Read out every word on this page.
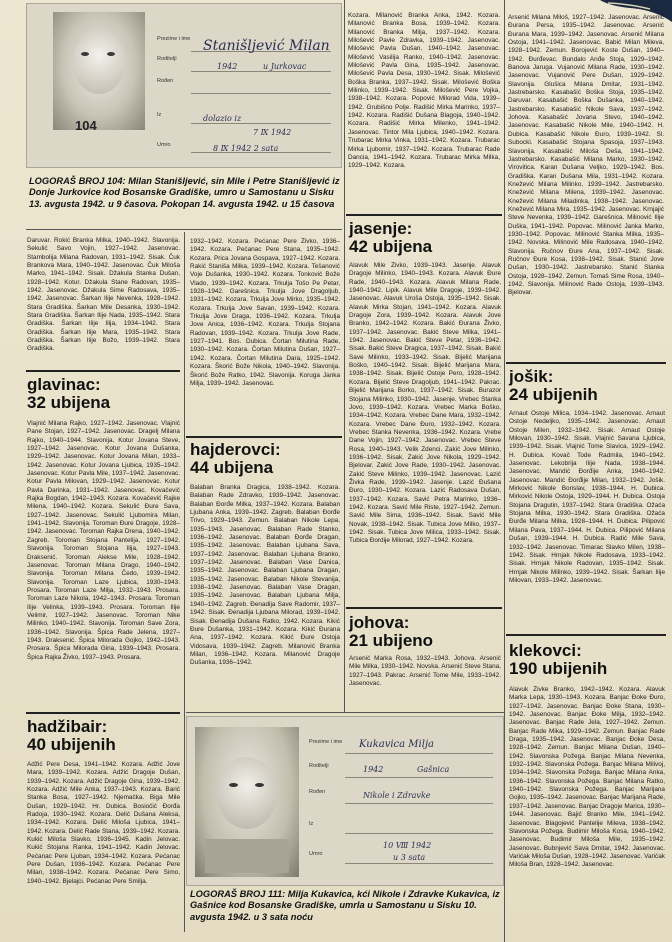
104
Prezime i ime
Roditelji
Rođen
Iz
Umro
Stanišljević Milan
1942	u Jurkovac
dolazio iz
7 Ⅸ 1942
8 Ⅸ 1942 2 sata
LOGORAŠ BROJ 104: Milan Stanišljević, sin Mile i Petre Stanišljević iz Donje Jurkovice kod Bosanske Gradiške, umro u Samostanu u Sisku 13. avgusta 1942. u 9 časova. Pokopan 14. avgusta 1942. u 15 časova
Daruvar. Rokić Branka Milka, 1940–1942. Slavonija. Sekulić Savo Vojin, 1927–1942. Jasenovac. Stambolija Milana Radovan, 1931–1942. Sisak. Čuk Brankova Mara, 1940–1942. Jasenovac. Čuk Miloša Marko, 1941–1942. Sisak. Džakula Stanka Dušan, 1928–1942. Kotur. Džakula Stane Radovan, 1935–1942. Jasenovac. Džakula Sime Radosava, 1935–1942. Jasenovac. Šarkan Ilije Nevenka, 1928–1942. Stara Gradiška. Šarkan Mile Desanka, 1930–1942. Stara Gradiška. Šarkan Ilije Nada, 1935–1942. Stara Gradiška. Šarkan Ilije Ilija, 1934–1942. Stara Gradiška. Šarkan Ilije Mara, 1935–1942. Stara Gradiška. Šarkan Ilije Božo, 1939–1942. Stara Gradiška.
1932–1942. Kozara. Pećanac Pere Živko, 1936–1942. Kozara. Pećanac Pere Stana, 1935–1942. Kozara. Prica Jovana Gospava, 1927–1942. Kozara. Rakić Staniša Milka, 1939–1942. Kozara. Tešanović Voje Dušanka, 1930–1942. Kozara. Tonković Bože Vlado, 1939–1942. Kozara. Trkulja Tošo Pe Petar, 1928–1942. Garešnica. Trkulja Jove Dragoljub, 1931–1942. Kozara. Trkulja Jove Mirko, 1935–1942. Kozara. Trkulja Jove Savan, 1939–1942. Kozara. Trkulja Jove Draga, 1936–1942. Kozara. Trkulja Jove Anica, 1936–1942. Kozara. Trkulja Stojana Radovan, 1939–1942. Kozara. Trkulja Jove Rade, 1927–1941. Bos. Dubica. Čortan Milutina Rade, 1930–1942. Kozara. Čortan Milutina Dušan, 1927–1942. Kozara. Čortan Milutina Dara, 1925–1942. Kozara. Škorić Bože Nikola, 1940–1942. Slavonija. Škorić Bože Ratko, 1942. Slavonija. Koruga Janka Milja, 1939–1942. Jasenovac.
glavinac:
32 ubijena
Vlajnić Milana Rajko, 1927–1942. Jasenovac. Vlajnić Pane Stojan, 1927–1942. Jasenovac. Dragelj Milana Rajko, 1940–1944. Slavonija. Kotur Jovana Steve, 1927–1942. Jasenovac. Kotur Jovana Dušanka, 1929–1942. Jasenovac. Kotur Jovana Milan, 1933–1942. Jasenovac. Kotur Jovana Ljubica, 1935–1942. Jasenovac. Kotur Pavla Mile, 1937–1942. Jasenovac. Kotur Pavla Milovan, 1929–1942. Jasenovac. Kotur Pavla Darinka, 1931–1942. Jasenovac. Kovačević Rajka Bogdan, 1942–1943. Kozara. Kovačević Rajke Milena, 1940–1942. Kozara. Sekulić Đure Sava, 1927–1942. Jasenovac. Sekulić Ljubomira Milan, 1941–1942. Slavonija. Toroman Đure Dragoje, 1928–1942. Jasenovac. Toroman Rajka Drena, 1940–1942. Zagreb. Toroman Stojana Pantelija, 1927–1942. Slavonija. Toroman Stojana Ilija, 1927–1943. Draksenić. Toroman Alekse Mile, 1928–1942. Jasenovac. Toroman Milana Drago, 1940–1942. Slavonija. Toroman Milana Čedo, 1939–1942. Slavonija. Toroman Laze Ljubica, 1930–1943. Prosara. Toroman Laze Milja, 1932–1943. Prosara. Toroman Laze Nikola, 1942–1943. Prosara. Toroman Ilije Velinka, 1939–1943. Prosara. Toroman Ilije Velimir, 1927–1942. Jasenovac. Toroman Nike Milinko, 1940–1942. Slavonija. Toroman Save Zora, 1936–1942. Slavonija. Špica Rade Jelena, 1927–1943. Draksenić. Špica Milorada Gojko, 1942–1943. Prosara. Špica Milorada Gina, 1939–1943. Prosara. Špica Rajka Živko, 1937–1943. Prosara.
hajderovci:
44 ubijena
Balaban Branka Dragica, 1938–1942. Kozara. Balaban Rade Zdravko, 1939–1942. Jasenovac. Balaban Đorđe Milka, 1937–1942. Kozara. Balaban Ljubana Anka, 1939–1942. Zagreb. Balaban Đorđe Trivo, 1929–1943. Zemun. Balaban Nikole Lepa, 1935–1943. Jasenovac. Balaban Rade Stanko, 1936–1942. Jasenovac. Balaban Đorđe Dragan, 1935–1942. Jasenovac. Balaban Ljubana Sava, 1937–1942. Jasenovac. Balaban Ljubana Branko, 1937–1942. Jasenovac. Balaban Vase Danica, 1935–1942. Jasenovac. Balaban Ljubana Dragan, 1935–1942. Jasenovac. Balaban Nikole Stevanija, 1938–1942. Jasenovac. Balaban Vase Dragan, 1935–1942. Jasenovac. Balaban Ljubana Milja, 1940–1942. Zagreb. Đenadija Save Radomir, 1937–1942. Sisak. Đenadija Ljubana Milorad, 1939–1942. Sisak. Đenadija Dušana Ratko, 1942. Kozara. Kikić Đure Dušanka, 1931–1942. Kozara. Kikić Đurana Ana, 1937–1942. Kozara. Kikić Đure Ostoja Vidosava, 1939–1942. Zagreb. Milanović Branka Milan, 1936–1942. Kozara. Milanović Dragoje Dušanka, 1936–1942.
Kozara. Milanović Branka Anka, 1942. Kozara. Milanović Branka Bosa, 1939–1942. Kozara. Milanović Branka Milja, 1937–1942. Kozara. Milošević Pavle Zdravka, 1939–1942. Jasenovac. Milošević Pavla Dušan, 1940–1942. Jasenovac. Milošević Vasilija Ranko, 1940–1942. Jasenovac. Milošević Pavla Gina, 1935–1942. Jasenovac. Milošević Pavla Desa, 1930–1942. Sisak. Milošević Boška Branka, 1937–1942. Sisak. Milošević Boška Milinko, 1939–1942. Sisak. Milošević Pere Vojka, 1938–1942. Kozara. Popović Milorad Vida, 1939–1942. Grubišno Polje. Radišić Mirka Marinko, 1937–1942. Kozara. Radišić Dušana Blagoja, 1940–1942. Kozara. Radišić Mirka Milenko, 1941–1942. Jasenovac. Tintor Mila Ljubica, 1940–1942. Kozara. Trubarac Mirka Vinka, 1931–1942. Kozara. Trubarac Mirka Ljubomir, 1937–1942. Kozara. Trubarac Rade Dancia, 1941–1942. Kozara. Trubarac Mirka Milka, 1929–1942. Kozara.
jasenje:
42 ubijena
Alavuk Mile Živko, 1939–1943. Jasenje. Alavuk Dragoje Milinko, 1940–1943. Kozara. Alavuk Đure Rade, 1940–1943. Kozara. Alavuk Milana Rade, 1940–1942. Lipik. Alavuk Mile Dragoje, 1939–1942. Jasenovac. Alavuk Uroša Ostoja, 1935–1942. Sisak. Alavuk Mirka Stojan, 1941–1942. Kozara. Alavuk Dragoje Zora, 1939–1942. Kozara. Alavuk Jove Branko, 1942–1942. Kozara. Bakić Đurana Živko, 1937–1942. Jasenovac. Bakić Steve Milka, 1941–1942. Jasenovac. Bakić Steve Petar, 1936–1942. Sisak. Bakić Steve Dragica, 1937–1942. Sisak. Bakić Save Milinko, 1933–1942. Sisak. Bijelić Marijana Boško, 1940–1942. Sisak. Bijelić Marijana Mara, 1938–1942. Sisak. Bijelić Ostoje Pero, 1928–1942. Kozara. Bijelić Steve Dragoljub, 1941–1942. Pakrac. Bijelić Marijana Borko, 1937–1942. Sisak. Burazor Stojana Milinko, 1930–1942. Jasenje. Vrebec Stanka Jovo, 1939–1942. Kozara. Vrebec Marka Boško, 1934–1942. Kozara. Vrebec Dane Mara, 1932–1942. Kozara. Vrebec Dane Đuro, 1932–1942. Kozara. Vrebec Stanka Nevenka, 1936–1942. Kozara. Vrebe Dane Vojin, 1927–1942. Jasenovac. Vrebec Steve Rosa, 1940–1943. Velik Zdenci. Zakić Jove Milinko, 1936–1942. Sisak. Zakić Jove Nikola, 1929–1942. Bjelovar. Zakić Jove Rade, 1930–1942. Jasenovac. Zakić Steve Milinko, 1939–1942. Jasenovac. Lazić Živka Rade, 1939–1942. Jasenje. Lazić Đušana Đuro, 1930–1942. Kozara. Lazić Radosava Dušan, 1937–1942. Kozara. Savić Petra Marinko, 1936–1942. Kozara. Savić Mile Ristе, 1927–1942. Zemun. Savić Mile Sima, 1936–1942. Sisak. Savić Mile Novak, 1938–1942. Sisak. Tubica Jove Milko, 1937–1942. Sisak. Tubica Jove Milica, 1933–1942. Sisak. Tubica Đordije Milorad, 1927–1942. Kozara.
johova:
21 ubijeno
Arsenić Marka Rosa, 1932–1943. Johova. Arsenić Mile Milka, 1930–1942. Novska. Arsenić Steve Stana, 1927–1943. Pakrac. Arsenić Tome Mile, 1933–1942. Jasenovac.
Arsenić Milana Miloš, 1927–1942. Jasenovac. Arsenić Đurana Persa, 1935–1942. Jasenovac. Arsenić Đurana Mara, 1939–1942. Jasenovac. Arsenić Milana Ostoja, 1941–1942. Jasenovac. Babić Milan Mileva, 1928–1942. Zemun. Borojević Koste Dušan, 1940–1942. Đurđevac. Bundalo Anđe Stoja, 1929–1942. Banova Jaruga. Vujanović Milana Rade, 1930–1942. Jasenovac. Vujanović Pere Dušan, 1929–1942. Slavonija. Glušica Milana Dmitar, 1931–1942. Jastrebarsko. Kasabašić Boška Stoja, 1935–1942. Daruvar. Kasabašić Boška Dušanka, 1940–1942. Jastrebarsko. Kasabašić Nikole Sava, 1937–1942. Johova. Kasabašić Jovana Stevo, 1940–1942. Jasenovac. Kasabašić Nikole Mile, 1940–1942. H. Dubica. Kasabašić Nikole Đuro, 1939–1942. Sl. Subocki. Kasabašić Stojana Spasoja, 1937–1943. Slavonija. Kasabašić Miloša Deša, 1941–1942. Jastrebarsko. Kasabašić Milana Marko, 1930–1942. Virovitica. Karan Dušana Veljko, 1929–1942. Bos. Gradiška. Karan Dušana Mila, 1931–1942. Kozara. Knežević Milana Milinko, 1939–1942. Jastrebarsko. Knežević Milana Milena, 1939–1942. Jasenovac. Knežević Milana Miladinka, 1938–1942. Jasenovac. Knežević Milana Mira, 1935–1942. Jasenovac. Krnjajić Steve Nevenka, 1939–1942. Garešnica. Milinović Ilije Duška, 1941–1942. Popovac. Milinović Janka Marko, 1930–1942. Popovac. Milinović Stanka Milka, 1935–1942. Novska. Milinović Mile Radosava, 1940–1942. Slavonija. Ručnov Đure Ana, 1937–1942. Sisak. Ručnov Đure Kosa, 1938–1942. Sisak. Stanić Jove Dušan, 1930–1942. Jastrebarsko. Stanić Stanka Ostoja, 1928–1942. Zemun. Tomaš Sime Rosa, 1940–1942. Slavonija. Milinović Rade Ostoja, 1939–1943. Bjelovar.
jošik:
24 ubijenih
Arnaut Ostoje Milica, 1934–1942. Jasenovac. Arnaut Ostoje Nedeljko, 1935–1942. Jasenovac. Arnaut Ostoje Milen, 1932–1942. Sisak. Arnaut Ostoje Milovan, 1930–1942. Sisak. Vlajnić Savana Ljubica, 1939–1942. Sisak. Vlajnić Tome Slavica, 1929–1942. H. Dubica. Kovač Tode Radmila, 1940–1942. Jasenovac. Lekobrija Ilije Nada, 1938–1944. Jasenovac. Mandić Đorđije Anka, 1940–1942. Jasenovac. Mandić Đorđije Milan, 1932–1942. Jošik. Mirković Nikole Borislav, 1938–1944. H. Dubica. Mirković Nikole Ostoja, 1929–1944. H. Dubica. Ostoja Stojana Dragutin, 1937–1942. Stara Gradiška. Ožaća Stojana Milka, 1930–1942. Stara Gradiška. Ožaća Đurđe Milana Milka, 1928–1944. H. Dubica. Pilipović Milana Pava, 1937–1944. H. Dubica. Pilipović Milana Dušan, 1939–1944. H. Dubica. Radić Mile Sava, 1932–1942. Jasenovac. Timarac Slavko Milen, 1938–1942. Sisak. Hrnjak Nikole Radosava, 1933–1942. Sisak. Hrnjak Nikole Radovan, 1935–1942. Sisak. Hrnjak Nikole Milinko, 1939–1942. Sisak. Šarkan Ilije Milovan, 1933–1942. Jasenovac.
klekovci:
190 ubijenih
Alavuk Živke Branko, 1942–1942. Kozara. Alavuk Marka Lepa, 1930–1943. Kozara. Banjac Đoke Đuro, 1927–1942. Jasenovac. Banjac Đoke Stana, 1930–1942. Jasenovac. Banjac Đoke Milja, 1932–1942. Jasenovac. Banjac Rade Jela, 1927–1942. Zemun. Banjac Rade Mika, 1929–1942. Zemun. Banjac Rade Draga, 1935–1942. Jasenovac. Banjac Đoke Desa, 1928–1942. Zemun. Banjac Milana Dušan, 1940–1942. Slavonska Požega. Banjac Milana Nevenka, 1932–1942. Slavonska Požega. Banjac Milana Milivoj, 1934–1942. Slavonska Požega. Banjac Milana Anka, 1936–1942. Slavonska Požega. Banjac Milana Ratko, 1940–1942. Slavonska Požega. Banjac Marijana Gojko, 1935–1942. Jasenovac. Banjac Marijana Rade, 1937–1942. Jasenovac. Banjac Dragoje Marica, 1930–1944. Jasenovac. Bajić Branko Mile, 1941–1942. Jasenovac. Blagojević Pantelije Mileva, 1938–1942. Slavonska Požega. Budimir Miloša Kosa, 1940–1942. Jasenovac. Budimir Miloša Mile, 1935–1942. Jasenovac. Bubnjević Sava Dmitar, 1942. Jasenovac. Varićak Miloša Dušan, 1928–1942. Jasenovac. Varićak Miloša Bran, 1928–1942. Jasenovac.
hadžibair:
40 ubijenih
Adžić Pere Desa, 1941–1942. Kozara. Adžić Jove Mara, 1939–1942. Kozara. Adžić Dragoje Dušan, 1939–1942. Kozara. Adžić Dragoje Gina, 1939–1942. Kozara. Adžić Mile Anka, 1937–1943. Kozara. Barić Stanka Bosa, 1927–1942. Njemačka. Biga Mile Dušan, 1929–1942. Hr. Dubica. Bosiočić Đorđa Radoja, 1930–1942. Kozara. Delić Dušana Aleksa, 1934–1942. Kozara. Delić Miloša Ljubica, 1941–1942. Kozara. Delić Rade Stana, 1939–1942. Kozara. Kukić Miloša Slavko, 1936–1945. Kadin Jelovac. Kukić Stojana Ranka, 1941–1942. Kadin Jelovac. Pećanac Pere Ljuban, 1934–1942. Kozara. Pećanac Pere Dušan, 1936–1942. Kozara. Pećanac Pere Milan, 1938–1942. Kozara. Pećanac Pere Simo, 1940–1942. Bjelajci. Pećanac Pere Smilja.
Prezime i ime
Roditelji
Rođen
Iz
Umro
Kukavica Milja
1942	Gašnica
Nikole i Zdravke
10 Ⅷ 1942
u 3 sata
LOGORAŠ BROJ 111: Milja Kukavica, kći Nikole i Zdravke Kukavica, iz Gašnice kod Bosanske Gradiške, umrla u Samostanu u Sisku 10. avgusta 1942. u 3 sata noću
